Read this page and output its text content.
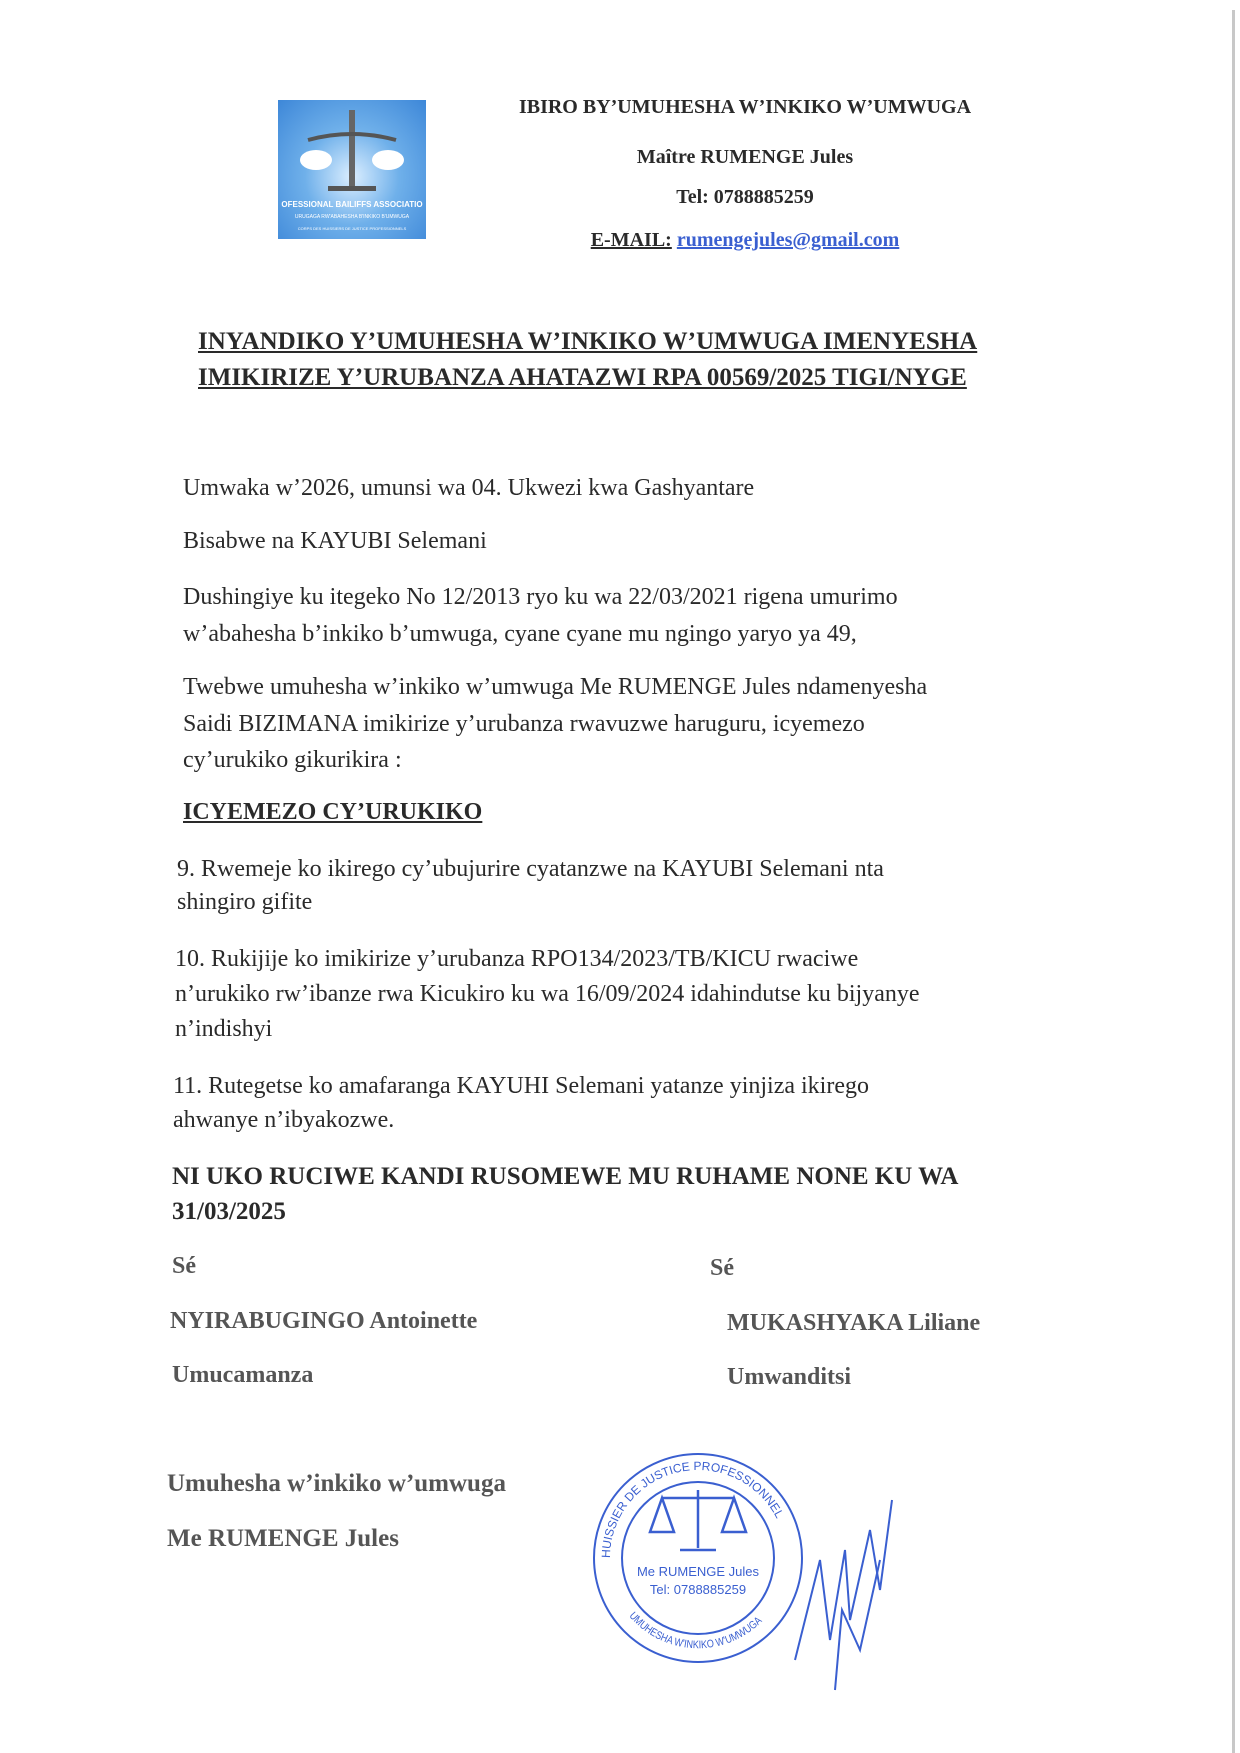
OFESSIONAL BAILIFFS ASSOCIATIO
URUGAGA RW'ABAHESHA B'INKIKO B'UMWUGA
CORPS DES HUISSIERS DE JUSTICE PROFESSIONNELS
IBIRO BY’UMUHESHA W’INKIKO W’UMWUGA
Maître RUMENGE Jules
Tel: 0788885259
E-MAIL: rumengejules@gmail.com
INYANDIKO Y’UMUHESHA W’INKIKO W’UMWUGA IMENYESHA
IMIKIRIZE Y’URUBANZA AHATAZWI RPA 00569/2025 TIGI/NYGE
Umwaka w’2026, umunsi wa 04. Ukwezi kwa Gashyantare
Bisabwe na KAYUBI Selemani
Dushingiye ku itegeko No 12/2013 ryo ku wa 22/03/2021 rigena umurimo
w’abahesha b’inkiko b’umwuga, cyane cyane mu ngingo yaryo ya 49,
Twebwe umuhesha w’inkiko w’umwuga Me RUMENGE Jules ndamenyesha
Saidi BIZIMANA imikirize y’urubanza rwavuzwe haruguru, icyemezo
cy’urukiko gikurikira :
ICYEMEZO CY’URUKIKO
9. Rwemeje ko ikirego cy’ubujurire cyatanzwe na KAYUBI Selemani nta
shingiro gifite
10. Rukijije ko imikirize y’urubanza RPO134/2023/TB/KICU rwaciwe
n’urukiko rw’ibanze rwa Kicukiro ku wa 16/09/2024 idahindutse ku bijyanye
n’indishyi
11. Rutegetse ko amafaranga KAYUHI Selemani yatanze yinjiza ikirego
ahwanye n’ibyakozwe.
NI UKO RUCIWE KANDI RUSOMEWE MU RUHAME NONE KU WA
31/03/2025
Sé
NYIRABUGINGO Antoinette
Umucamanza
Sé
MUKASHYAKA Liliane
Umwanditsi
Umuhesha w’inkiko w’umwuga
Me RUMENGE Jules
HUISSIER DE JUSTICE PROFESSIONNEL
UMUHESHA W'INKIKO W'UMWUGA
Me RUMENGE Jules
Tel: 0788885259
